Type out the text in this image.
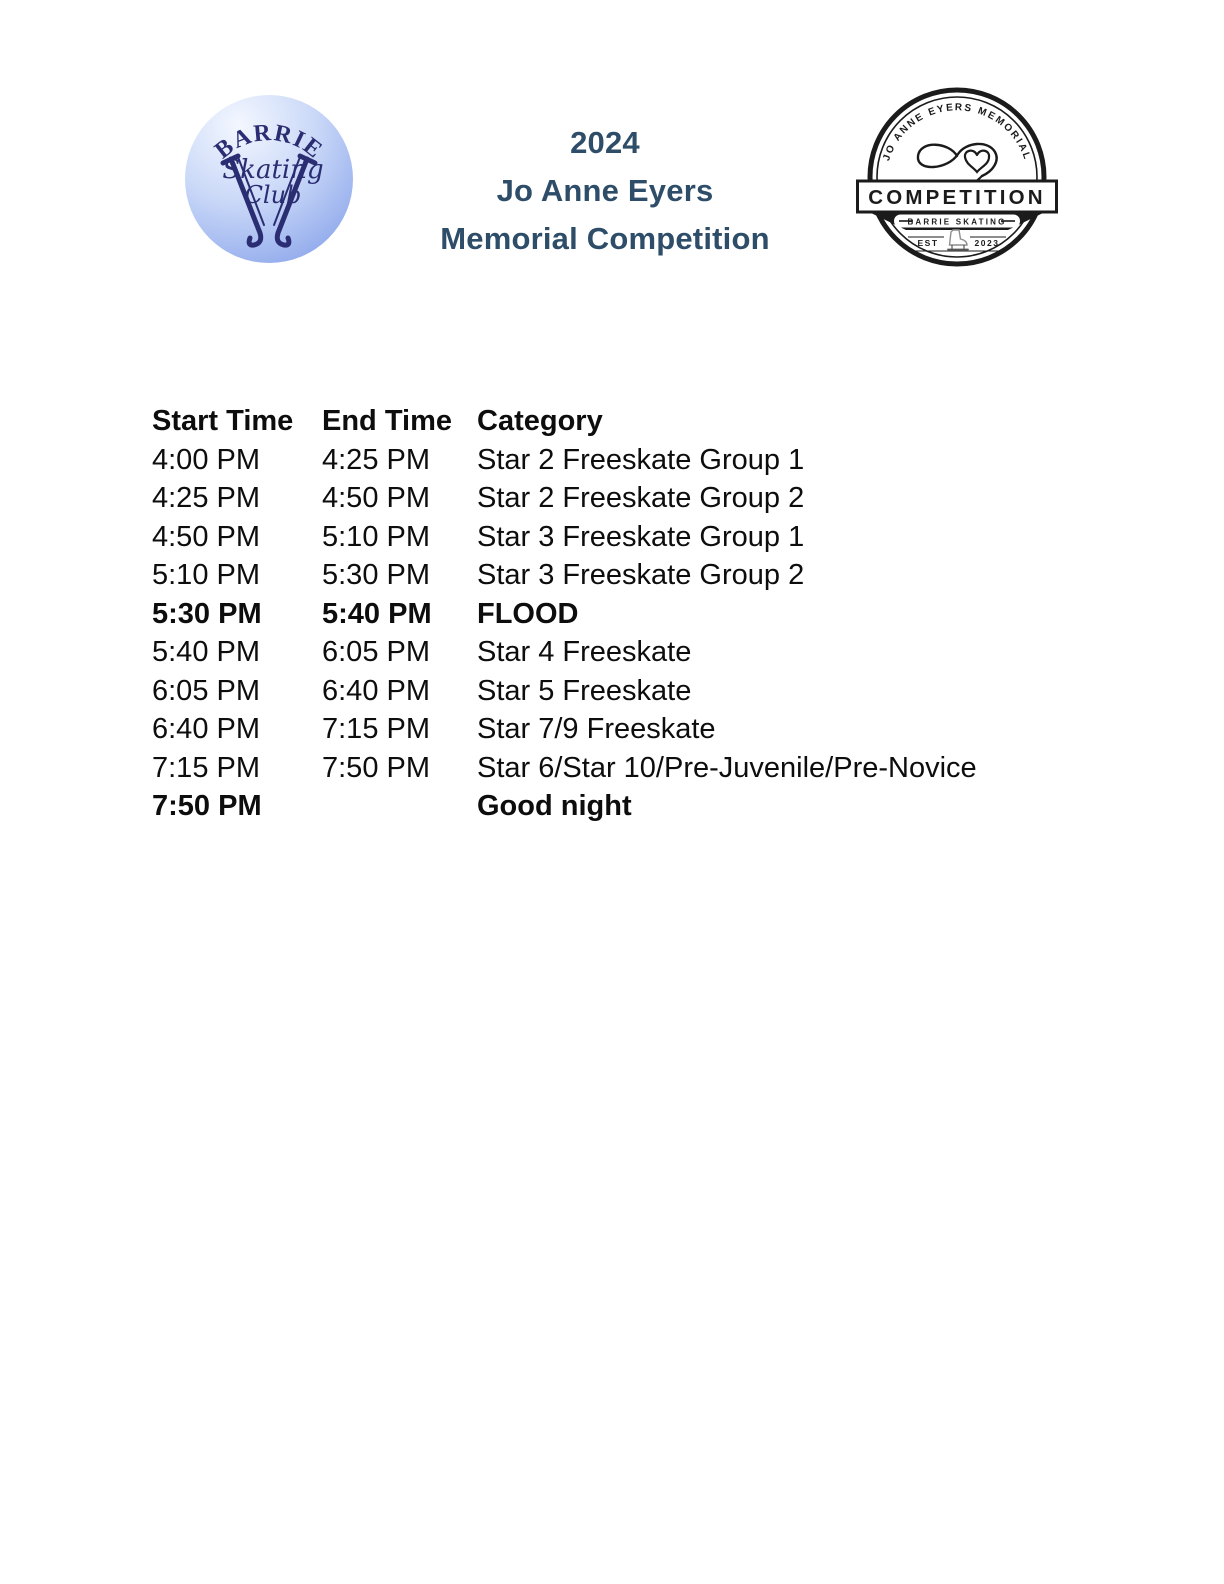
BARRIE
Skating
Club
2024
Jo Anne Eyers
Memorial Competition
JO ANNE EYERS MEMORIAL
COMPETITION
BARRIE SKATING
EST	2023
Start Time	End Time	Category
4:00 PM	4:25 PM	Star 2 Freeskate Group 1
4:25 PM	4:50 PM	Star 2 Freeskate Group 2
4:50 PM	5:10 PM	Star 3 Freeskate Group 1
5:10 PM	5:30 PM	Star 3 Freeskate Group 2
5:30 PM	5:40 PM	FLOOD
5:40 PM	6:05 PM	Star 4 Freeskate
6:05 PM	6:40 PM	Star 5 Freeskate
6:40 PM	7:15 PM	Star 7/9 Freeskate
7:15 PM	7:50 PM	Star 6/Star 10/Pre-Juvenile/Pre-Novice
7:50 PM		Good night
